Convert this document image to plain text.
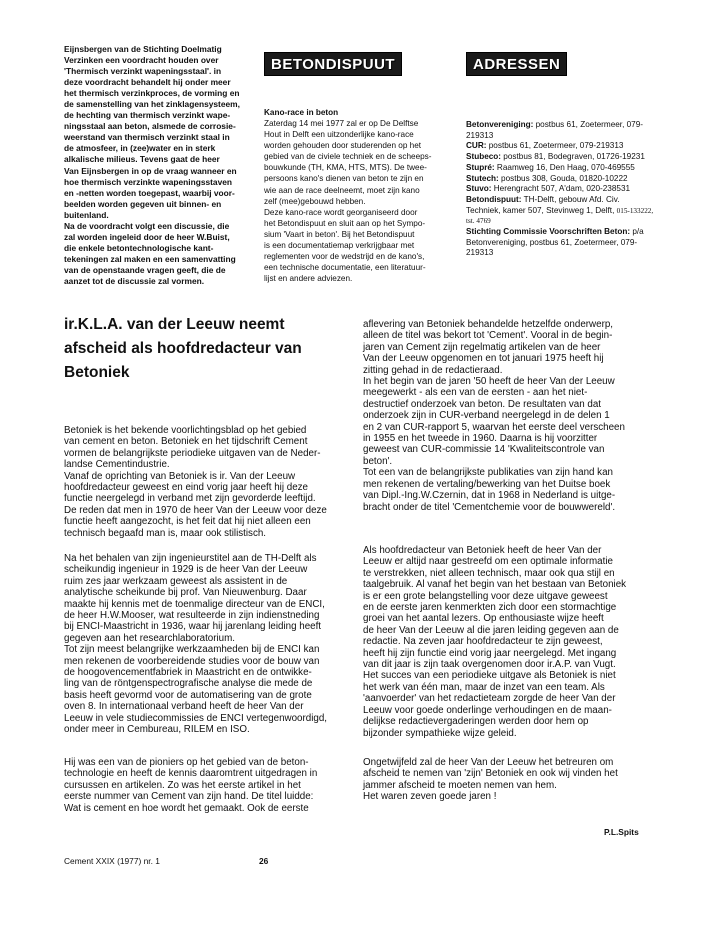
Eijnsbergen van de Stichting Doelmatig
Verzinken een voordracht houden over
'Thermisch verzinkt wapeningsstaal'. in
deze voordracht behandelt hij onder meer
het thermisch verzinkproces, de vorming en
de samenstelling van het zinklagensysteem,
de hechting van thermisch verzinkt wape-
ningsstaal aan beton, alsmede de corrosie-
weerstand van thermisch verzinkt staal in
de atmosfeer, in (zee)water en in sterk
alkalische milieus. Tevens gaat de heer
Van Eijnsbergen in op de vraag wanneer en
hoe thermisch verzinkte wapeningsstaven
en -netten worden toegepast, waarbij voor-
beelden worden gegeven uit binnen- en
buitenland.
Na de voordracht volgt een discussie, die
zal worden ingeleid door de heer W.Buist,
die enkele betontechnologische kant-
tekeningen zal maken en een samenvatting
van de openstaande vragen geeft, die de
aanzet tot de discussie zal vormen.

BETONDISPUUT

Kano-race in beton

Zaterdag 14 mei 1977 zal er op De Delftse
Hout in Delft een uitzonderlijke kano-race
worden gehouden door studerenden op het
gebied van de civiele techniek en de scheeps-
bouwkunde (TH, KMA, HTS, MTS). De twee-
persoons kano's dienen van beton te zijn en
wie aan de race deelneemt, moet zijn kano
zelf (mee)gebouwd hebben.
Deze kano-race wordt georganiseerd door
het Betondispuut en sluit aan op het Sympo-
sium 'Vaart in beton'. Bij het Betondispuut
is een documentatiemap verkrijgbaar met
reglementen voor de wedstrijd en de kano's,
een technische documentatie, een literatuur-
lijst en andere adviezen.

ADRESSEN
Betonvereniging: postbus 61, Zoetermeer, 079-219313
CUR: postbus 61, Zoetermeer, 079-219313
Stubeco: postbus 81, Bodegraven, 01726-19231
Stupré: Raamweg 16, Den Haag, 070-469555
Stutech: postbus 308, Gouda, 01820-10222
Stuvo: Herengracht 507, A'dam, 020-238531
Betondispuut: TH-Delft, gebouw Afd. Civ. Techniek, kamer 507, Stevinweg 1, Delft, 015-133222, tst. 4769
Stichting Commissie Voorschriften Beton: p/a Betonvereniging, postbus 61, Zoetermeer, 079-219313

ir.K.L.A. van der Leeuw neemt
afscheid als hoofdredacteur van
Betoniek

Betoniek is het bekende voorlichtingsblad op het gebied
van cement en beton. Betoniek en het tijdschrift Cement
vormen de belangrijkste periodieke uitgaven van de Neder-
landse Cementindustrie.
Vanaf de oprichting van Betoniek is ir. Van der Leeuw
hoofdredacteur geweest en eind vorig jaar heeft hij deze
functie neergelegd in verband met zijn gevorderde leeftijd.
De reden dat men in 1970 de heer Van der Leeuw voor deze
functie heeft aangezocht, is het feit dat hij niet alleen een
technisch begaafd man is, maar ook stilistisch.

Na het behalen van zijn ingenieurstitel aan de TH-Delft als
scheikundig ingenieur in 1929 is de heer Van der Leeuw
ruim zes jaar werkzaam geweest als assistent in de
analytische scheikunde bij prof. Van Nieuwenburg. Daar
maakte hij kennis met de toenmalige directeur van de ENCI,
de heer H.W.Mooser, wat resulteerde in zijn indienstneding
bij ENCI-Maastricht in 1936, waar hij jarenlang leiding heeft
gegeven aan het researchlaboratorium.
Tot zijn meest belangrijke werkzaamheden bij de ENCI kan
men rekenen de voorbereidende studies voor de bouw van
de hoogovencementfabriek in Maastricht en de ontwikke-
ling van de röntgenspectrografische analyse die mede de
basis heeft gevormd voor de automatisering van de grote
oven 8. In internationaal verband heeft de heer Van der
Leeuw in vele studiecommissies de ENCI vertegenwoordigd,
onder meer in Cembureau, RILEM en ISO.

Hij was een van de pioniers op het gebied van de beton-
technologie en heeft de kennis daaromtrent uitgedragen in
cursussen en artikelen. Zo was het eerste artikel in het
eerste nummer van Cement van zijn hand. De titel luidde:
Wat is cement en hoe wordt het gemaakt. Ook de eerste

aflevering van Betoniek behandelde hetzelfde onderwerp,
alleen de titel was bekort tot 'Cement'. Vooral in de begin-
jaren van Cement zijn regelmatig artikelen van de heer
Van der Leeuw opgenomen en tot januari 1975 heeft hij
zitting gehad in de redactieraad.
In het begin van de jaren '50 heeft de heer Van der Leeuw
meegewerkt - als een van de eersten - aan het niet-
destructief onderzoek van beton. De resultaten van dat
onderzoek zijn in CUR-verband neergelegd in de delen 1
en 2 van CUR-rapport 5, waarvan het eerste deel verscheen
in 1955 en het tweede in 1960. Daarna is hij voorzitter
geweest van CUR-commissie 14 'Kwaliteitscontrole van
beton'.
Tot een van de belangrijkste publikaties van zijn hand kan
men rekenen de vertaling/bewerking van het Duitse boek
van Dipl.-Ing.W.Czernin, dat in 1968 in Nederland is uitge-
bracht onder de titel 'Cementchemie voor de bouwwereld'.

Als hoofdredacteur van Betoniek heeft de heer Van der
Leeuw er altijd naar gestreefd om een optimale informatie
te verstrekken, niet alleen technisch, maar ook qua stijl en
taalgebruik. Al vanaf het begin van het bestaan van Betoniek
is er een grote belangstelling voor deze uitgave geweest
en de eerste jaren kenmerkten zich door een stormachtige
groei van het aantal lezers. Op enthousiaste wijze heeft
de heer Van der Leeuw al die jaren leiding gegeven aan de
redactie. Na zeven jaar hoofdredacteur te zijn geweest,
heeft hij zijn functie eind vorig jaar neergelegd. Met ingang
van dit jaar is zijn taak overgenomen door ir.A.P. van Vugt.
Het succes van een periodieke uitgave als Betoniek is niet
het werk van één man, maar de inzet van een team. Als
'aanvoerder' van het redactieteam zorgde de heer Van der
Leeuw voor goede onderlinge verhoudingen en de maan-
delijkse redactievergaderingen werden door hem op
bijzonder sympathieke wijze geleid.

Ongetwijfeld zal de heer Van der Leeuw het betreuren om
afscheid te nemen van 'zijn' Betoniek en ook wij vinden het
jammer afscheid te moeten nemen van hem.
Het waren zeven goede jaren !

P.L.Spits
Cement XXIX (1977) nr. 1	26
